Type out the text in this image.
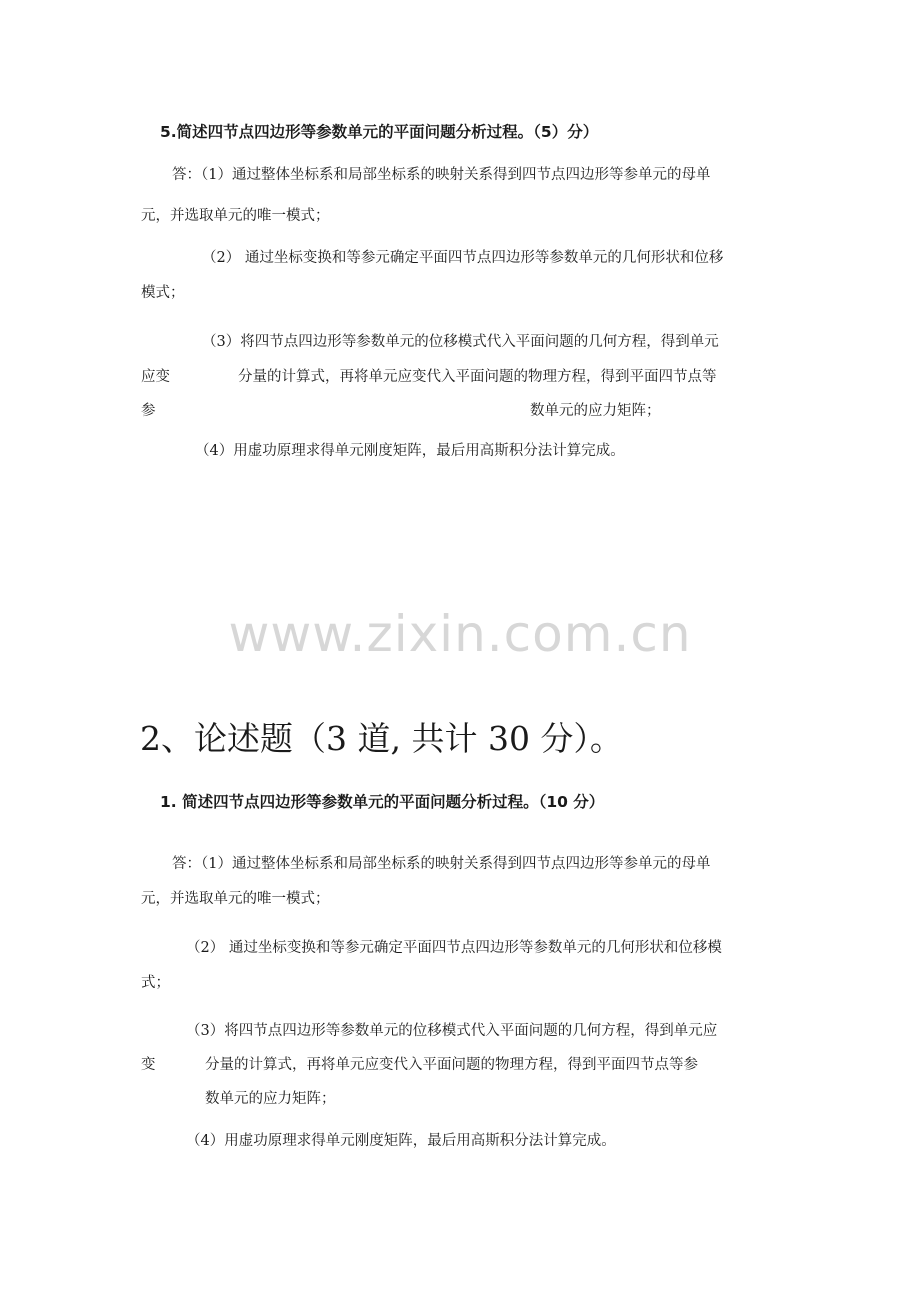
5.简述四节点四边形等参数单元的平面问题分析过程。（5）分）
答：（1）通过整体坐标系和局部坐标系的映射关系得到四节点四边形等参单元的母单
元，并选取单元的唯一模式；
（2） 通过坐标变换和等参元确定平面四节点四边形等参数单元的几何形状和位移
模式；
（3）将四节点四边形等参数单元的位移模式代入平面问题的几何方程，得到单元
应变	分量的计算式，再将单元应变代入平面问题的物理方程，得到平面四节点等
参	数单元的应力矩阵；
（4）用虚功原理求得单元刚度矩阵，最后用高斯积分法计算完成。
www.zixin.com.cn
2、论述题（3 道, 共计 30 分）。
1. 简述四节点四边形等参数单元的平面问题分析过程。（10 分）
答：（1）通过整体坐标系和局部坐标系的映射关系得到四节点四边形等参单元的母单
元，并选取单元的唯一模式；
（2） 通过坐标变换和等参元确定平面四节点四边形等参数单元的几何形状和位移模
式；
（3）将四节点四边形等参数单元的位移模式代入平面问题的几何方程，得到单元应
变	分量的计算式，再将单元应变代入平面问题的物理方程，得到平面四节点等参
数单元的应力矩阵；
（4）用虚功原理求得单元刚度矩阵，最后用高斯积分法计算完成。
